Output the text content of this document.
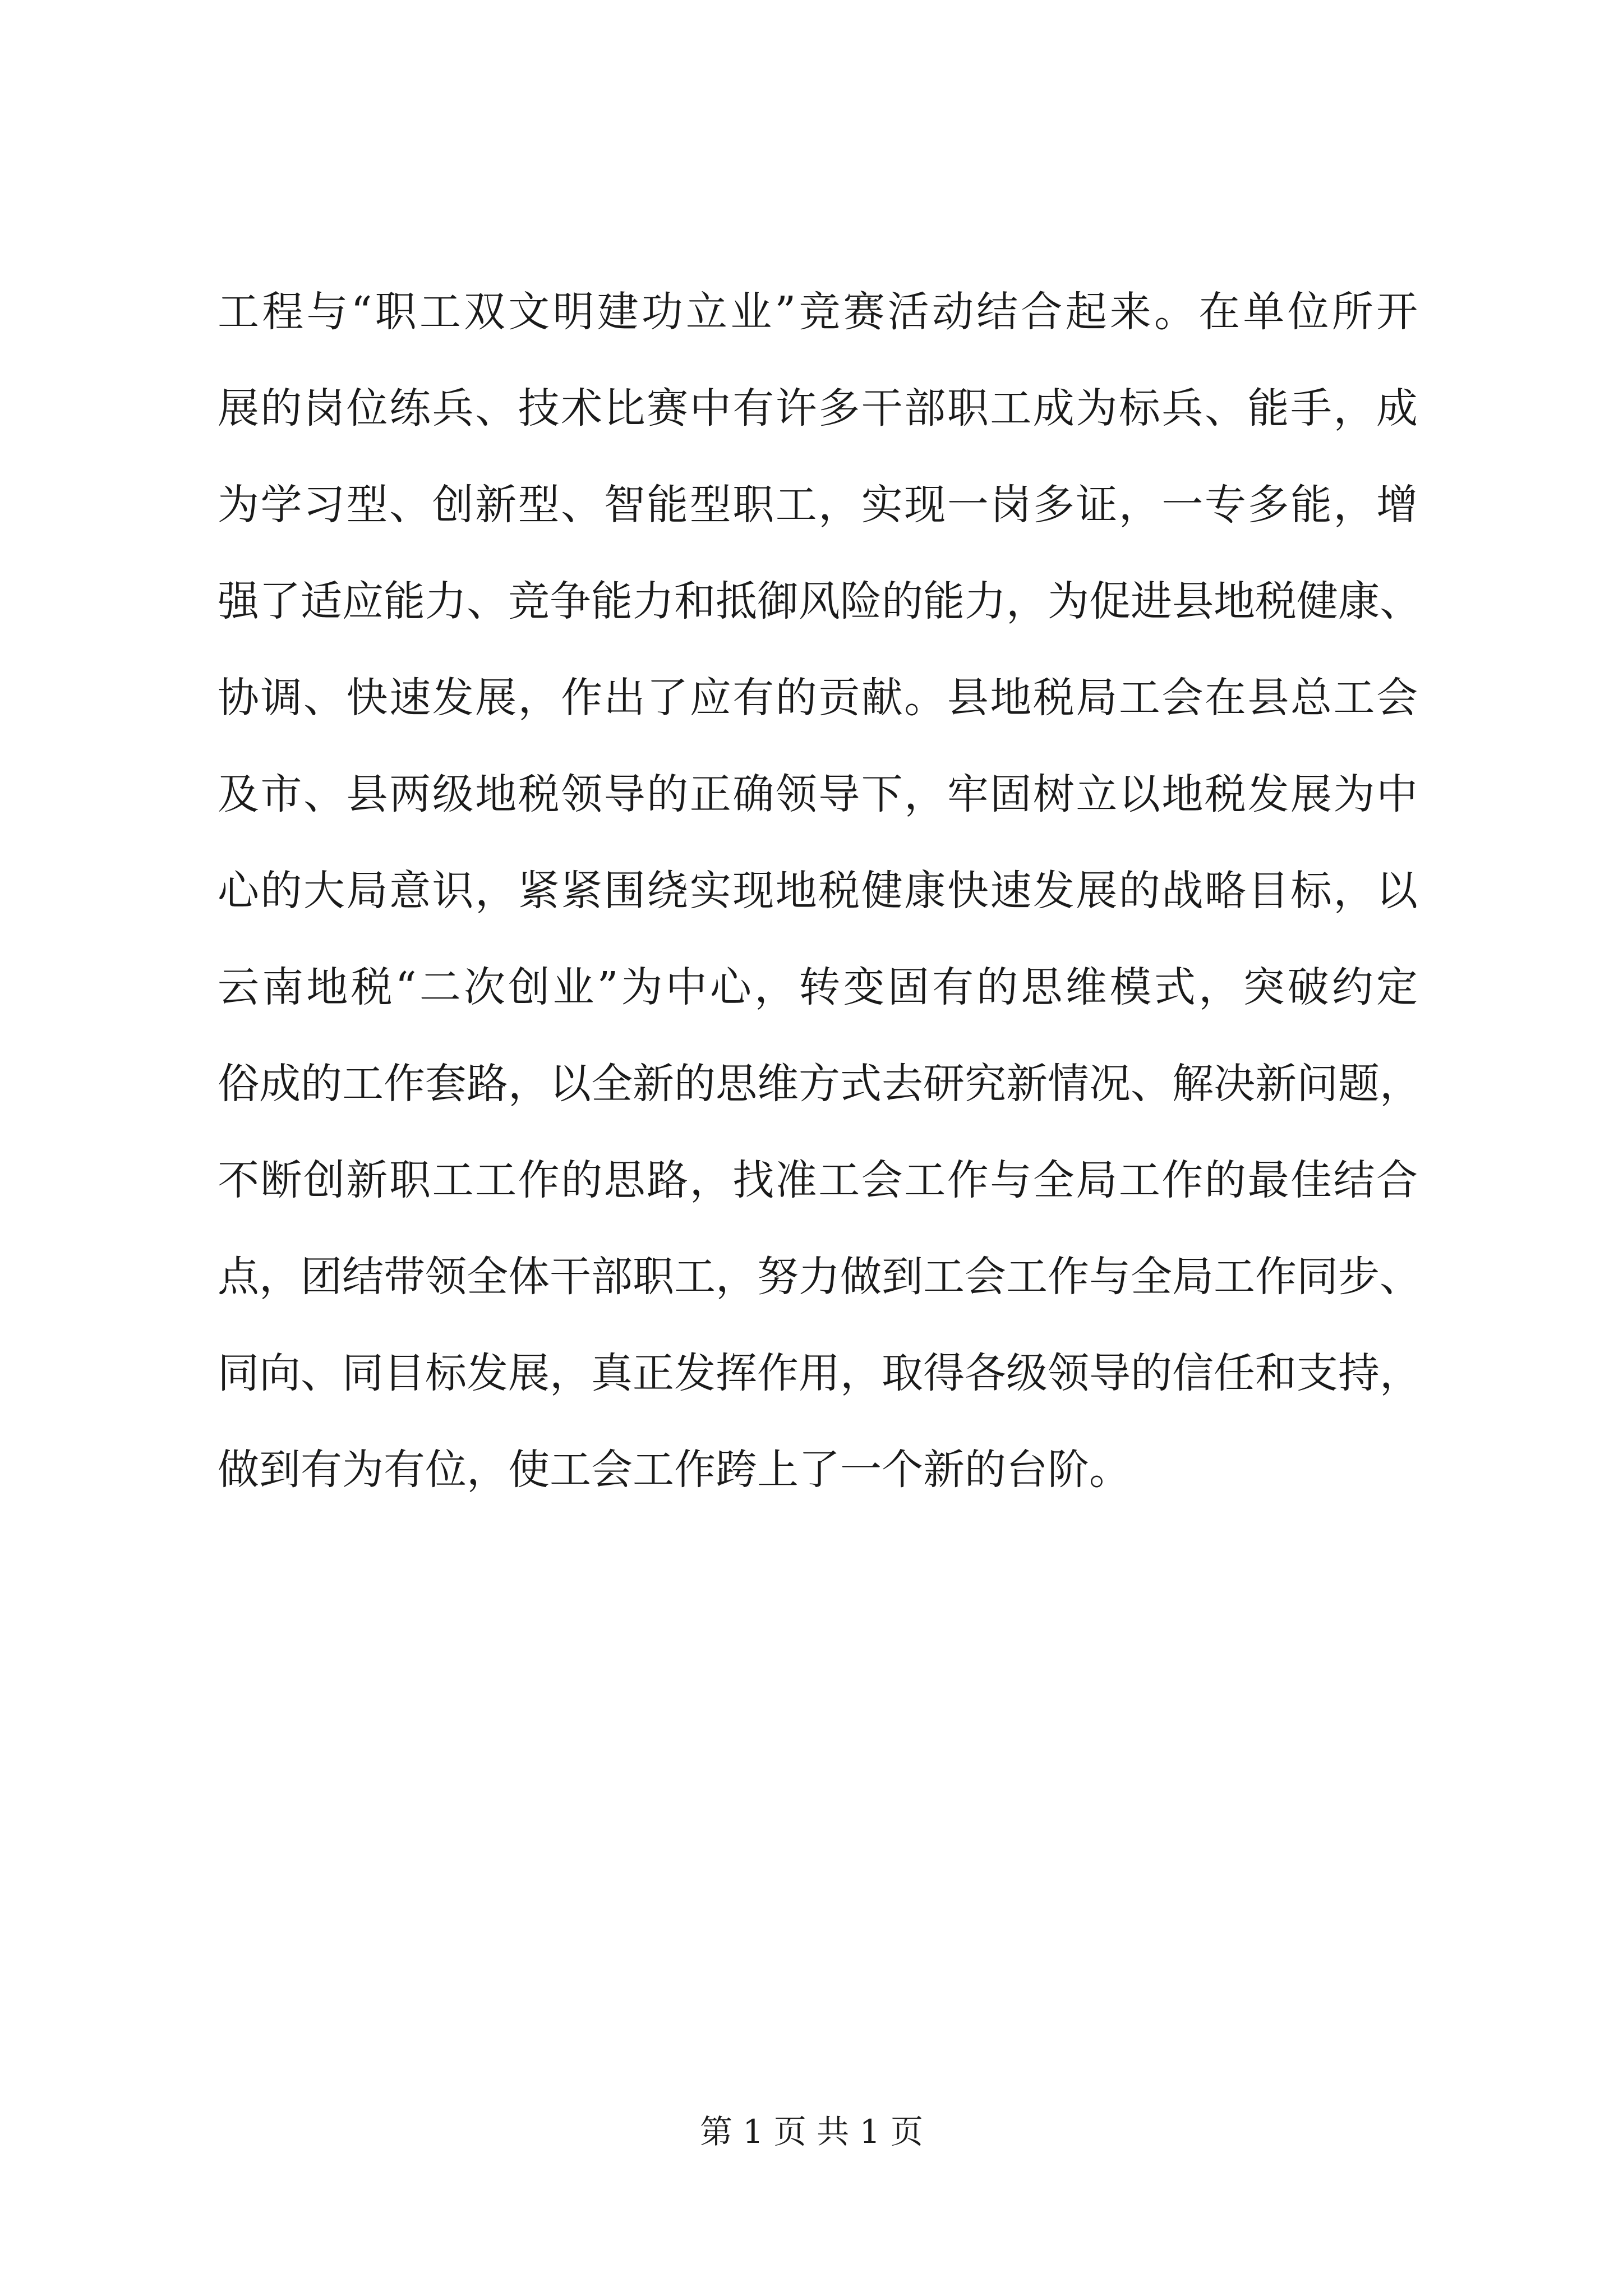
工程与“职工双文明建功立业”竞赛活动结合起来。在单位所开
展的岗位练兵、技术比赛中有许多干部职工成为标兵、能手，成
为学习型、创新型、智能型职工，实现一岗多证，一专多能，增
强了适应能力、竞争能力和抵御风险的能力，为促进县地税健康、
协调、快速发展，作出了应有的贡献。县地税局工会在县总工会
及市、县两级地税领导的正确领导下，牢固树立以地税发展为中
心的大局意识，紧紧围绕实现地税健康快速发展的战略目标，以
云南地税“二次创业”为中心，转变固有的思维模式，突破约定
俗成的工作套路，以全新的思维方式去研究新情况、解决新问题，
不断创新职工工作的思路，找准工会工作与全局工作的最佳结合
点，团结带领全体干部职工，努力做到工会工作与全局工作同步、
同向、同目标发展，真正发挥作用，取得各级领导的信任和支持，
做到有为有位，使工会工作跨上了一个新的台阶。
第 1 页 共 1 页
